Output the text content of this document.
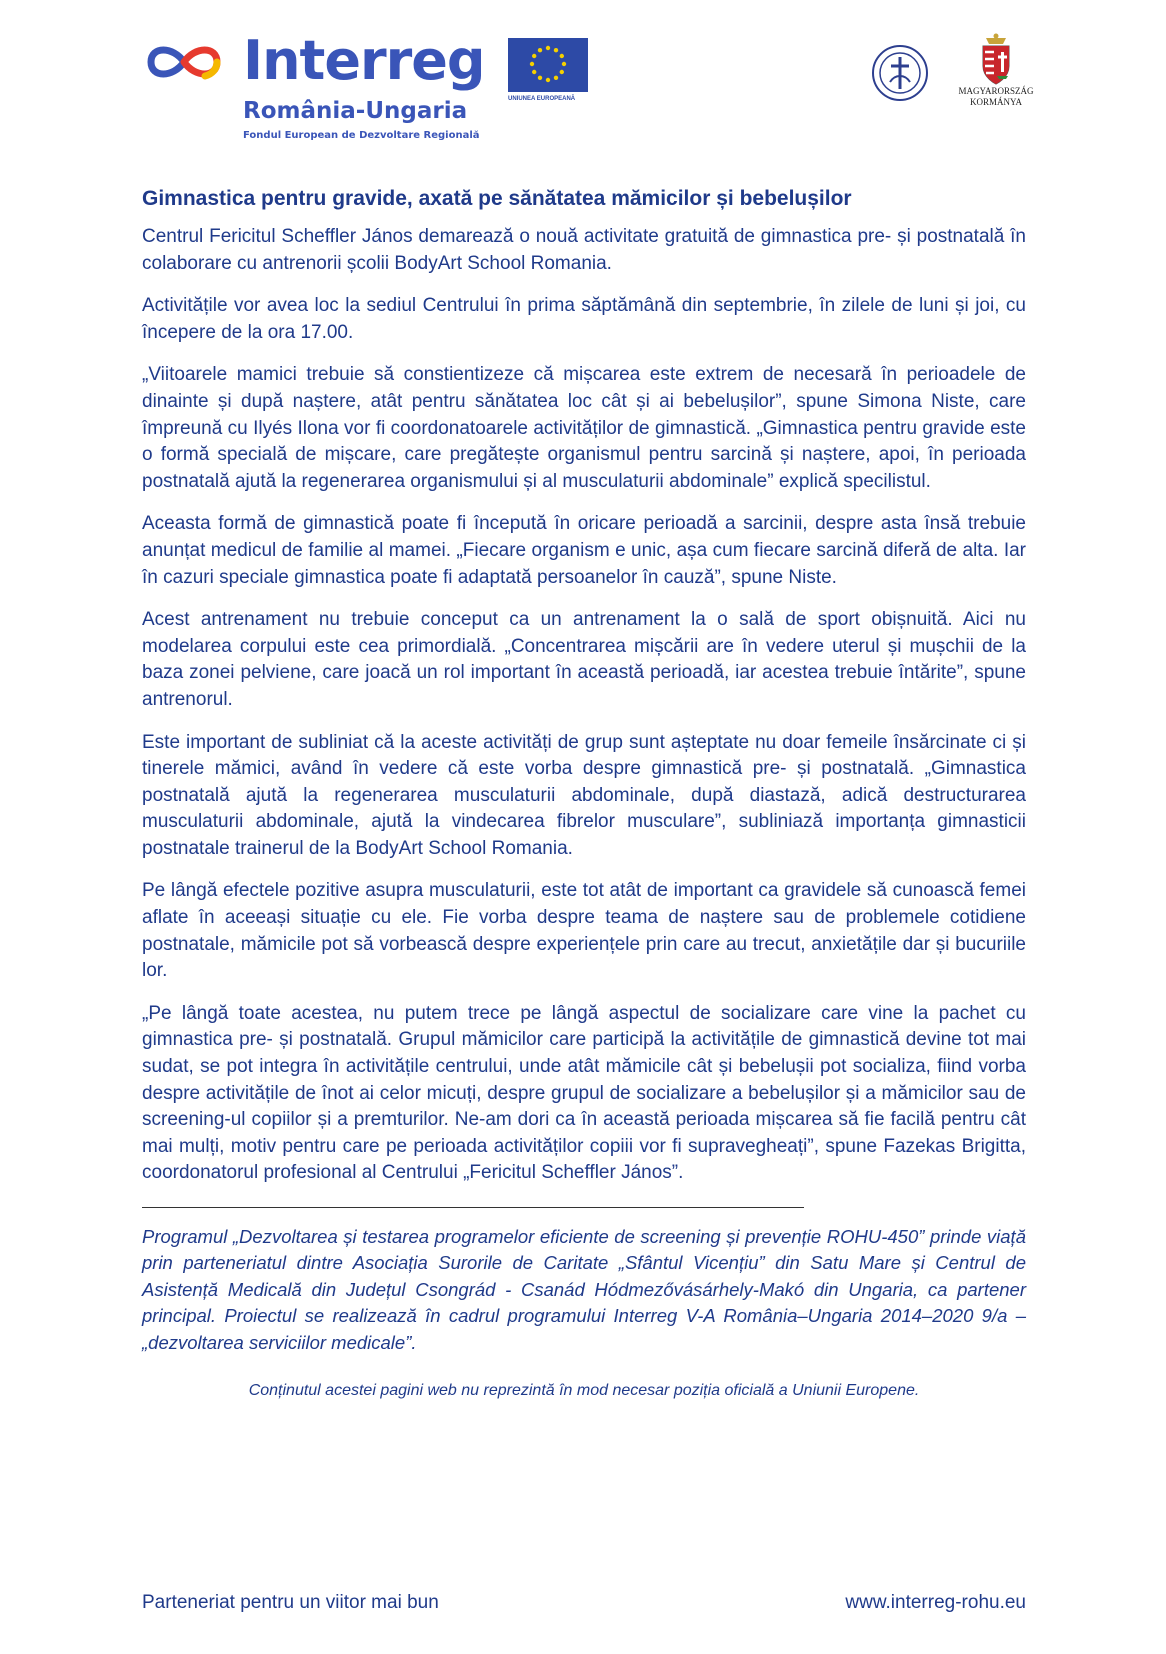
Interreg
România-Ungaria
Fondul European de Dezvoltare Regională
UNIUNEA EUROPEANĂ
MAGYARORSZÁG
KORMÁNYA
Gimnastica pentru gravide, axată pe sănătatea mămicilor și bebelușilor

Centrul Fericitul Scheffler János demarează o nouă activitate gratuită de gimnastica pre- și postnatală în colaborare cu antrenorii școlii BodyArt School Romania.

Activitățile vor avea loc la sediul Centrului în prima săptămână din septembrie, în zilele de luni și joi, cu începere de la ora 17.00.

„Viitoarele mamici trebuie să constientizeze că mișcarea este extrem de necesară în perioadele de dinainte și după naștere, atât pentru sănătatea loc cât și ai bebelușilor”, spune Simona Niste, care împreună cu Ilyés Ilona vor fi coordonatoarele activităților de gimnastică. „Gimnastica pentru gravide este o formă specială de mișcare, care pregătește organismul pentru sarcină și naștere, apoi, în perioada postnatală ajută la regenerarea organismului și al musculaturii abdominale” explică specilistul.

Aceasta formă de gimnastică poate fi începută în oricare perioadă a sarcinii, despre asta însă trebuie anunțat medicul de familie al mamei. „Fiecare organism e unic, așa cum fiecare sarcină diferă de alta. Iar în cazuri speciale gimnastica poate fi adaptată persoanelor în cauză”, spune Niste.

Acest antrenament nu trebuie conceput ca un antrenament la o sală de sport obișnuită. Aici nu modelarea corpului este cea primordială. „Concentrarea mișcării are în vedere uterul și mușchii de la baza zonei pelviene, care joacă un rol important în această perioadă, iar acestea trebuie întărite”, spune antrenorul.

Este important de subliniat că la aceste activități de grup sunt așteptate nu doar femeile însărcinate ci și tinerele mămici, având în vedere că este vorba despre gimnastică pre- și postnatală. „Gimnastica postnatală ajută la regenerarea musculaturii abdominale, după diastază, adică destructurarea musculaturii abdominale, ajută la vindecarea fibrelor musculare”, subliniază importanța gimnasticii postnatale trainerul de la BodyArt School Romania.

Pe lângă efectele pozitive asupra musculaturii, este tot atât de important ca gravidele să cunoască femei aflate în aceeași situație cu ele. Fie vorba despre teama de naștere sau de problemele cotidiene postnatale, mămicile pot să vorbească despre experiențele prin care au trecut, anxietățile dar și bucuriile lor.

„Pe lângă toate acestea, nu putem trece pe lângă aspectul de socializare care vine la pachet cu gimnastica pre- și postnatală. Grupul mămicilor care participă la activitățile de gimnastică devine tot mai sudat, se pot integra în activitățile centrului, unde atât mămicile cât și bebelușii pot socializa, fiind vorba despre activitățile de înot ai celor micuți, despre grupul de socializare a bebelușilor și a mămicilor sau de screening-ul copiilor și a premturilor. Ne-am dori ca în această perioada mișcarea să fie facilă pentru cât mai mulți, motiv pentru care pe perioada activităților copiii vor fi supravegheați”, spune Fazekas Brigitta, coordonatorul profesional al Centrului „Fericitul Scheffler János”.

Programul „Dezvoltarea și testarea programelor eficiente de screening și prevenție ROHU-450” prinde viață prin parteneriatul dintre Asociația Surorile de Caritate „Sfântul Vicențiu” din Satu Mare și Centrul de Asistență Medicală din Județul Csongrád - Csanád Hódmezővásárhely-Makó din Ungaria, ca partener principal. Proiectul se realizează în cadrul programului Interreg V-A România–Ungaria 2014–2020 9/a – „dezvoltarea serviciilor medicale”.

Conținutul acestei pagini web nu reprezintă în mod necesar poziția oficială a Uniunii Europene.

Parteneriat pentru un viitor mai bun	www.interreg-rohu.eu
